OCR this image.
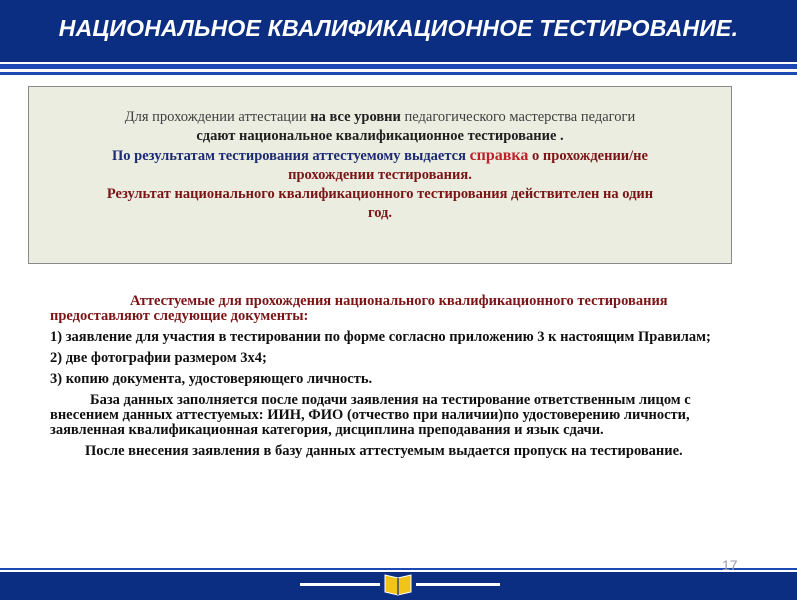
НАЦИОНАЛЬНОЕ КВАЛИФИКАЦИОННОЕ ТЕСТИРОВАНИЕ.

Для прохождении аттестации на все уровни педагогического мастерства педагоги

сдают национальное квалификационное тестирование .

По результатам тестирования аттестуемому выдается справка о прохождении/не

прохождении тестирования.

Результат национального квалификационного тестирования действителен на один

год.

Аттестуемые для прохождения национального квалификационного тестирования предоставляют следующие документы:

1) заявление для участия в тестировании по форме согласно приложению 3 к настоящим Правилам;

2) две фотографии размером 3х4;

3) копию документа, удостоверяющего личность.

База данных заполняется после подачи заявления на тестирование ответственным лицом с внесением данных аттестуемых: ИИН, ФИО (отчество при наличии)по удостоверению личности, заявленная квалификационная категория, дисциплина преподавания и язык сдачи.

После внесения заявления в базу данных аттестуемым выдается пропуск на тестирование.

17
